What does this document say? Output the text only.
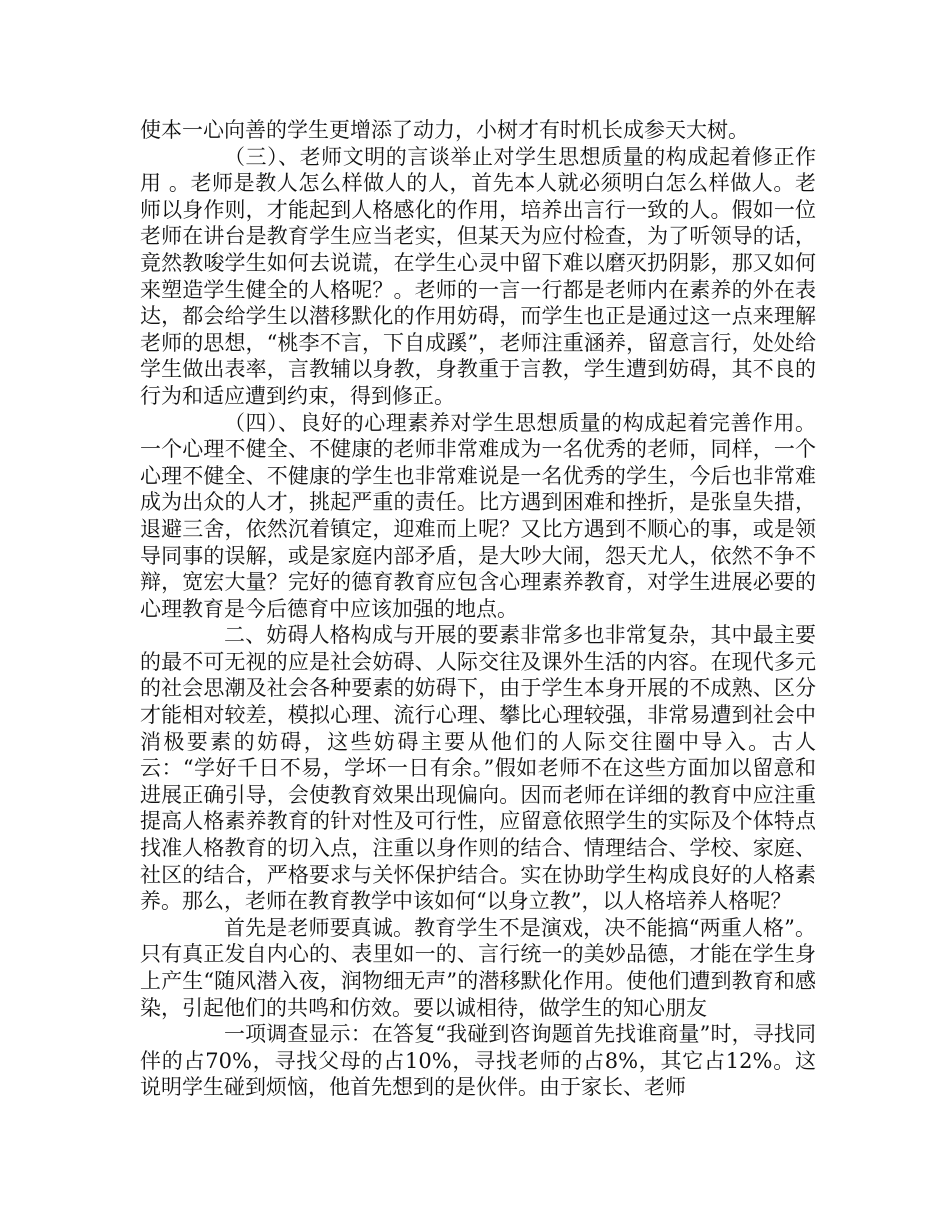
使本一心向善的学生更增添了动力，小树才有时机长成参天大树。

（三）、老师文明的言谈举止对学生思想质量的构成起着修正作用 。老师是教人怎么样做人的人，首先本人就必须明白怎么样做人。老师以身作则，才能起到人格感化的作用，培养出言行一致的人。假如一位老师在讲台是教育学生应当老实，但某天为应付检查，为了听领导的话，竟然教唆学生如何去说谎，在学生心灵中留下难以磨灭扔阴影，那又如何来塑造学生健全的人格呢？。老师的一言一行都是老师内在素养的外在表达，都会给学生以潜移默化的作用妨碍，而学生也正是通过这一点来理解老师的思想，“桃李不言，下自成蹊”，老师注重涵养，留意言行，处处给学生做出表率，言教辅以身教，身教重于言教，学生遭到妨碍，其不良的行为和适应遭到约束，得到修正。

（四）、良好的心理素养对学生思想质量的构成起着完善作用。一个心理不健全、不健康的老师非常难成为一名优秀的老师，同样，一个心理不健全、不健康的学生也非常难说是一名优秀的学生，今后也非常难成为出众的人才，挑起严重的责任。比方遇到困难和挫折，是张皇失措，退避三舍，依然沉着镇定，迎难而上呢？又比方遇到不顺心的事，或是领导同事的误解，或是家庭内部矛盾，是大吵大闹，怨天尤人，依然不争不辩，宽宏大量？完好的德育教育应包含心理素养教育，对学生进展必要的心理教育是今后德育中应该加强的地点。

二、妨碍人格构成与开展的要素非常多也非常复杂，其中最主要的最不可无视的应是社会妨碍、人际交往及课外生活的内容。在现代多元的社会思潮及社会各种要素的妨碍下，由于学生本身开展的不成熟、区分才能相对较差，模拟心理、流行心理、攀比心理较强，非常易遭到社会中消极要素的妨碍，这些妨碍主要从他们的人际交往圈中导入。古人云：“学好千日不易，学坏一日有余。”假如老师不在这些方面加以留意和进展正确引导，会使教育效果出现偏向。因而老师在详细的教育中应注重提高人格素养教育的针对性及可行性，应留意依照学生的实际及个体特点找准人格教育的切入点，注重以身作则的结合、情理结合、学校、家庭、社区的结合，严格要求与关怀保护结合。实在协助学生构成良好的人格素养。那么，老师在教育教学中该如何“以身立教”，以人格培养人格呢？

首先是老师要真诚。教育学生不是演戏，决不能搞“两重人格”。只有真正发自内心的、表里如一的、言行统一的美妙品德，才能在学生身上产生“随风潜入夜，润物细无声”的潜移默化作用。使他们遭到教育和感染，引起他们的共鸣和仿效。要以诚相待，做学生的知心朋友

一项调查显示：在答复“我碰到咨询题首先找谁商量”时，寻找同伴的占70%，寻找父母的占10%，寻找老师的占8%，其它占12%。这说明学生碰到烦恼，他首先想到的是伙伴。由于家长、老师
